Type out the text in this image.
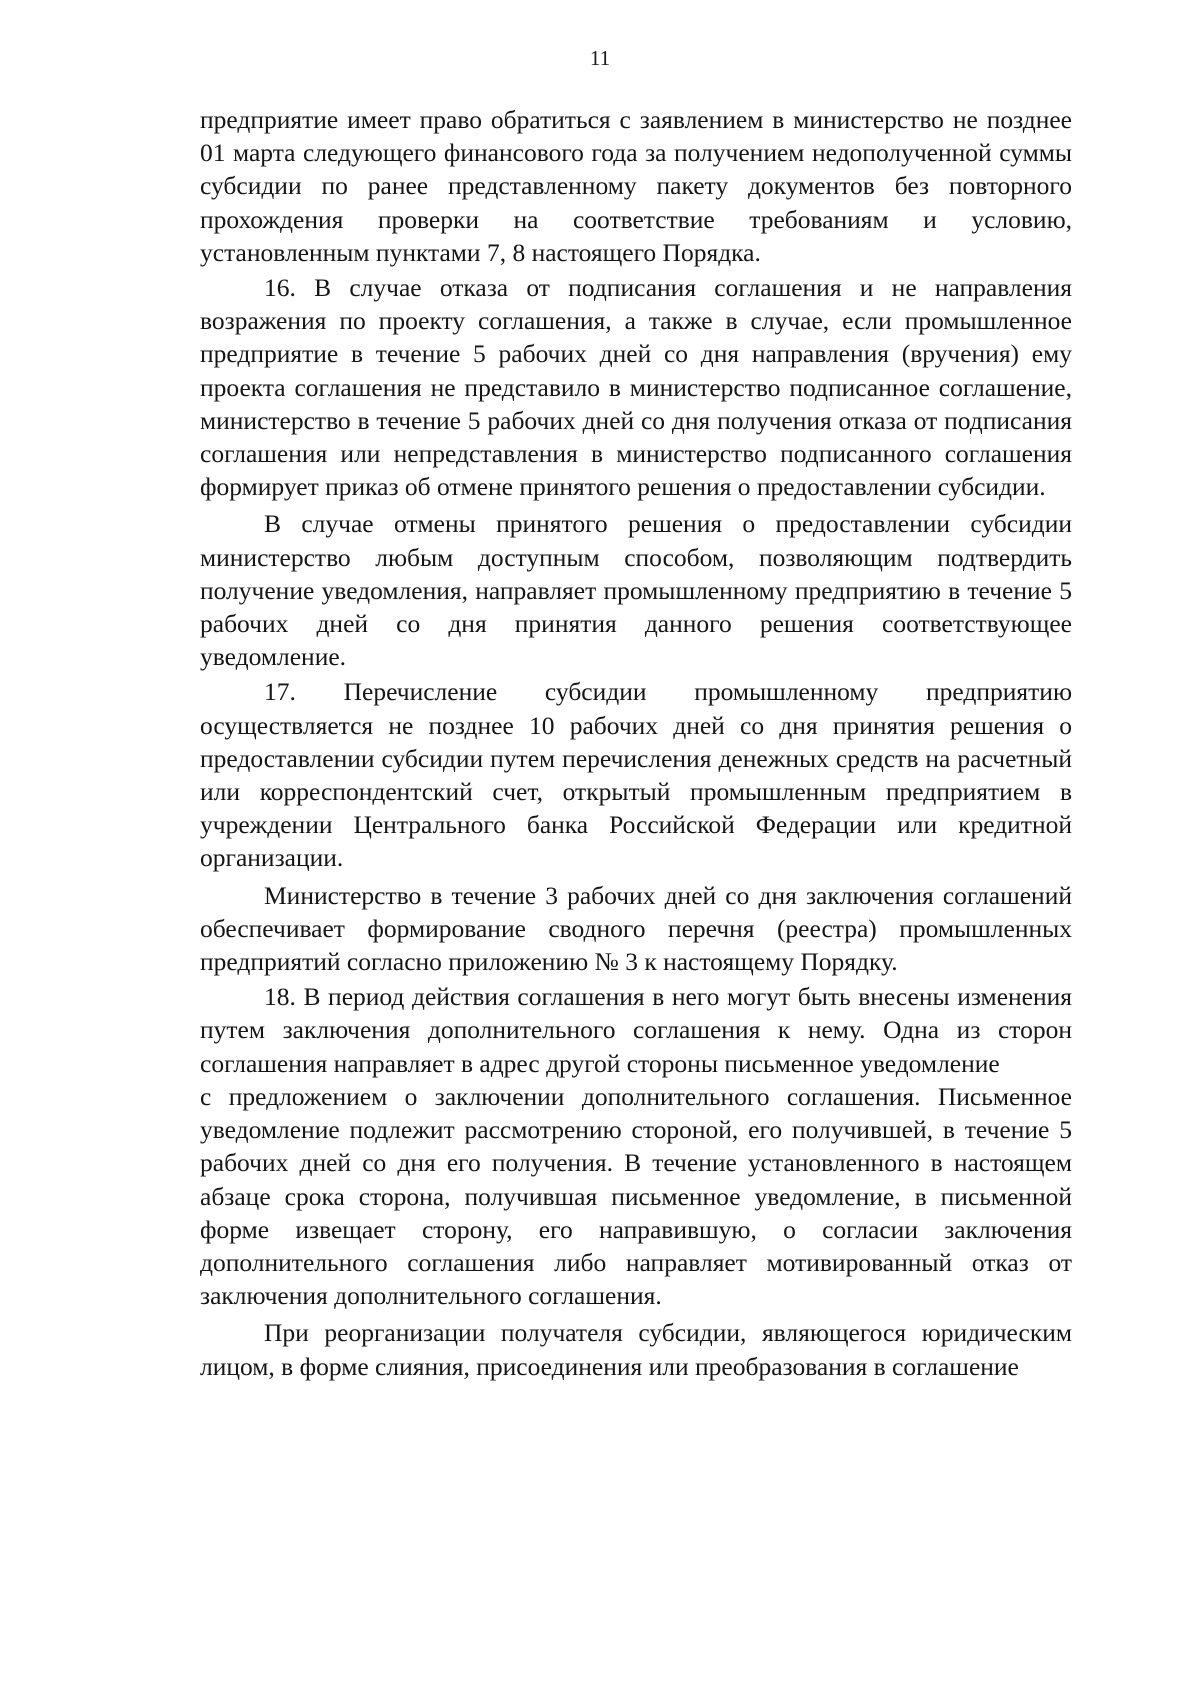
11

предприятие имеет право обратиться с заявлением в министерство не позднее 01 марта следующего финансового года за получением недополученной суммы субсидии по ранее представленному пакету документов без повторного прохождения проверки на соответствие требованиям и условию, установленным пунктами 7, 8 настоящего Порядка.

16. В случае отказа от подписания соглашения и не направления возражения по проекту соглашения, а также в случае, если промышленное предприятие в течение 5 рабочих дней со дня направления (вручения) ему проекта соглашения не представило в министерство подписанное соглашение, министерство в течение 5 рабочих дней со дня получения отказа от подписания соглашения или непредставления в министерство подписанного соглашения формирует приказ об отмене принятого решения о предоставлении субсидии.

В случае отмены принятого решения о предоставлении субсидии министерство любым доступным способом, позволяющим подтвердить получение уведомления, направляет промышленному предприятию в течение 5 рабочих дней со дня принятия данного решения соответствующее уведомление.

17. Перечисление субсидии промышленному предприятию осуществляется не позднее 10 рабочих дней со дня принятия решения о предоставлении субсидии путем перечисления денежных средств на расчетный или корреспондентский счет, открытый промышленным предприятием в учреждении Центрального банка Российской Федерации или кредитной организации.

Министерство в течение 3 рабочих дней со дня заключения соглашений обеспечивает формирование сводного перечня (реестра) промышленных предприятий согласно приложению № 3 к настоящему Порядку.

18. В период действия соглашения в него могут быть внесены изменения путем заключения дополнительного соглашения к нему. Одна из сторон соглашения направляет в адрес другой стороны письменное уведомление

с предложением о заключении дополнительного соглашения. Письменное уведомление подлежит рассмотрению стороной, его получившей, в течение 5 рабочих дней со дня его получения. В течение установленного в настоящем абзаце срока сторона, получившая письменное уведомление, в письменной форме извещает сторону, его направившую, о согласии заключения дополнительного соглашения либо направляет мотивированный отказ от заключения дополнительного соглашения.

При реорганизации получателя субсидии, являющегося юридическим лицом, в форме слияния, присоединения или преобразования в соглашение
